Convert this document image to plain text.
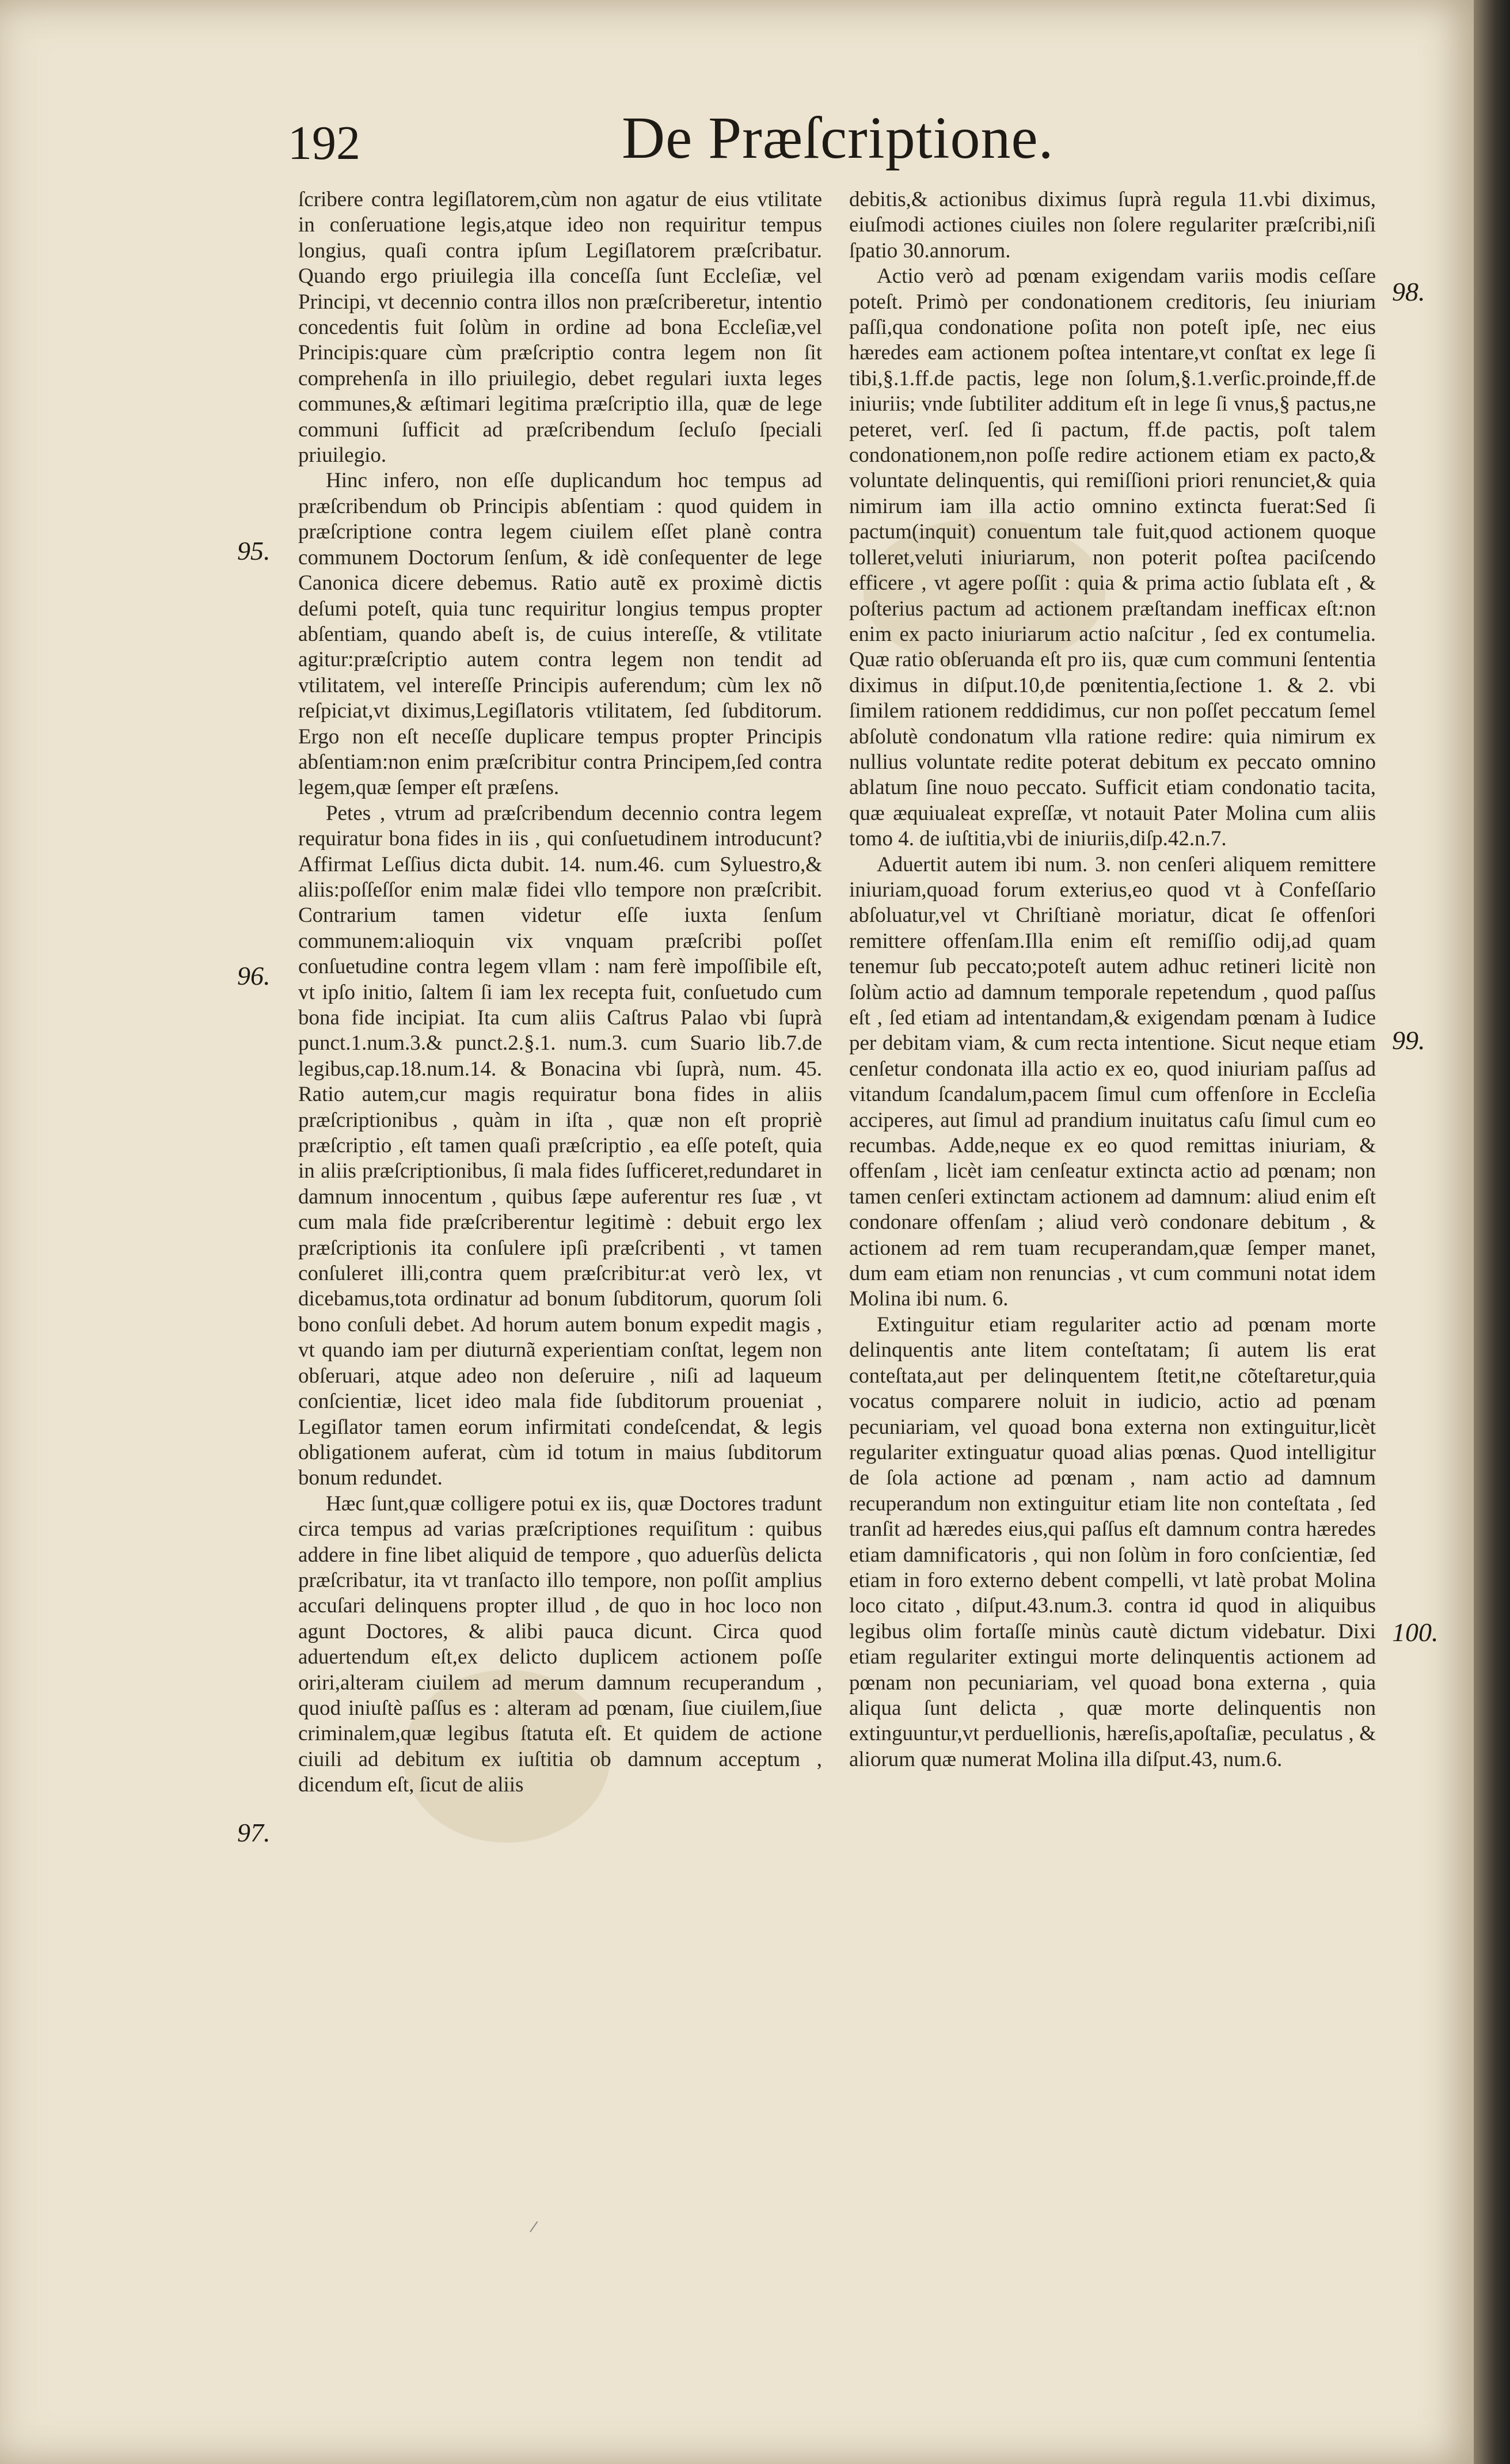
192	De Præſcriptione.
95.
96.
97.
98.
99.
100.

ſcribere contra legiſlatorem,cùm non agatur de eius vtilitate in conſeruatione legis,atque ideo non requiritur tempus longius, quaſi contra ipſum Legiſlatorem præſcribatur. Quando ergo priuilegia illa conceſſa ſunt Eccleſiæ, vel Principi, vt decennio contra illos non præſcriberetur, intentio concedentis fuit ſolùm in ordine ad bona Eccleſiæ,vel Principis:quare cùm præſcriptio contra legem non ſit comprehenſa in illo priuilegio, debet regulari iuxta leges communes,& æſtimari legitima præſcriptio illa, quæ de lege communi ſufficit ad præſcribendum ſecluſo ſpeciali priuilegio.

Hinc infero, non eſſe duplicandum hoc tempus ad præſcribendum ob Principis abſentiam : quod quidem in præſcriptione contra legem ciuilem eſſet planè contra communem Doctorum ſenſum, & idè conſequenter de lege Canonica dicere debemus. Ratio autẽ ex proximè dictis deſumi poteſt, quia tunc requiritur longius tempus propter abſentiam, quando abeſt is, de cuius intereſſe, & vtilitate agitur:præſcriptio autem contra legem non tendit ad vtilitatem, vel intereſſe Principis auferendum; cùm lex nõ reſpiciat,vt diximus,Legiſlatoris vtilitatem, ſed ſubditorum. Ergo non eſt neceſſe duplicare tempus propter Principis abſentiam:non enim præſcribitur contra Principem,ſed contra legem,quæ ſemper eſt præſens.

Petes , vtrum ad præſcribendum decennio contra legem requiratur bona fides in iis , qui conſuetudinem introducunt? Affirmat Leſſius dicta dubit. 14. num.46. cum Syluestro,& aliis:poſſeſſor enim malæ fidei vllo tempore non præſcribit. Contrarium tamen videtur eſſe iuxta ſenſum communem:alioquin vix vnquam præſcribi poſſet conſuetudine contra legem vllam : nam ferè impoſſibile eſt, vt ipſo initio, ſaltem ſi iam lex recepta fuit, conſuetudo cum bona fide incipiat. Ita cum aliis Caſtrus Palao vbi ſuprà punct.1.num.3.& punct.2.§.1. num.3. cum Suario lib.7.de legibus,cap.18.num.14. & Bonacina vbi ſuprà, num. 45. Ratio autem,cur magis requiratur bona fides in aliis præſcriptionibus , quàm in iſta , quæ non eſt propriè præſcriptio , eſt tamen quaſi præſcriptio , ea eſſe poteſt, quia in aliis præſcriptionibus, ſi mala fides ſufficeret,redundaret in damnum innocentum , quibus ſæpe auferentur res ſuæ , vt cum mala fide præſcriberentur legitimè : debuit ergo lex præſcriptionis ita conſulere ipſi præſcribenti , vt tamen conſuleret illi,contra quem præſcribitur:at verò lex, vt dicebamus,tota ordinatur ad bonum ſubditorum, quorum ſoli bono conſuli debet. Ad horum autem bonum expedit magis , vt quando iam per diuturnã experientiam conſtat, legem non obſeruari, atque adeo non deſeruire , niſi ad laqueum conſcientiæ, licet ideo mala fide ſubditorum proueniat , Legiſlator tamen eorum infirmitati condeſcendat, & legis obligationem auferat, cùm id totum in maius ſubditorum bonum redundet.

Hæc ſunt,quæ colligere potui ex iis, quæ Doctores tradunt circa tempus ad varias præſcriptiones requiſitum : quibus addere in fine libet aliquid de tempore , quo aduerſùs delicta præſcribatur, ita vt tranſacto illo tempore, non poſſit amplius accuſari delinquens propter illud , de quo in hoc loco non agunt Doctores, & alibi pauca dicunt. Circa quod aduertendum eſt,ex delicto duplicem actionem poſſe oriri,alteram ciuilem ad merum damnum recuperandum , quod iniuſtè paſſus es : alteram ad pœnam, ſiue ciuilem,ſiue criminalem,quæ legibus ſtatuta eſt. Et quidem de actione ciuili ad debitum ex iuſtitia ob damnum acceptum , dicendum eſt, ſicut de aliis

debitis,& actionibus diximus ſuprà regula 11.vbi diximus, eiuſmodi actiones ciuiles non ſolere regulariter præſcribi,niſi ſpatio 30.annorum.

Actio verò ad pœnam exigendam variis modis ceſſare poteſt. Primò per condonationem creditoris, ſeu iniuriam paſſi,qua condonatione poſita non poteſt ipſe, nec eius hæredes eam actionem poſtea intentare,vt conſtat ex lege ſi tibi,§.1.ff.de pactis, lege non ſolum,§.1.verſic.proinde,ff.de iniuriis; vnde ſubtiliter additum eſt in lege ſi vnus,§ pactus,ne peteret, verſ. ſed ſi pactum, ff.de pactis, poſt talem condonationem,non poſſe redire actionem etiam ex pacto,& voluntate delinquentis, qui remiſſioni priori renunciet,& quia nimirum iam illa actio omnino extincta fuerat:Sed ſi pactum(inquit) conuentum tale fuit,quod actionem quoque tolleret,veluti iniuriarum, non poterit poſtea paciſcendo efficere , vt agere poſſit : quia & prima actio ſublata eſt , & poſterius pactum ad actionem præſtandam inefficax eſt:non enim ex pacto iniuriarum actio naſcitur , ſed ex contumelia. Quæ ratio obſeruanda eſt pro iis, quæ cum communi ſententia diximus in diſput.10,de pœnitentia,ſectione 1. & 2. vbi ſimilem rationem reddidimus, cur non poſſet peccatum ſemel abſolutè condonatum vlla ratione redire: quia nimirum ex nullius voluntate redite poterat debitum ex peccato omnino ablatum ſine nouo peccato. Sufficit etiam condonatio tacita, quæ æquiualeat expreſſæ, vt notauit Pater Molina cum aliis tomo 4. de iuſtitia,vbi de iniuriis,diſp.42.n.7.

Aduertit autem ibi num. 3. non cenſeri aliquem remittere iniuriam,quoad forum exterius,eo quod vt à Confeſſario abſoluatur,vel vt Chriſtianè moriatur, dicat ſe offenſori remittere offenſam.Illa enim eſt remiſſio odij,ad quam tenemur ſub peccato;poteſt autem adhuc retineri licitè non ſolùm actio ad damnum temporale repetendum , quod paſſus eſt , ſed etiam ad intentandam,& exigendam pœnam à Iudice per debitam viam, & cum recta intentione. Sicut neque etiam cenſetur condonata illa actio ex eo, quod iniuriam paſſus ad vitandum ſcandalum,pacem ſimul cum offenſore in Eccleſia acciperes, aut ſimul ad prandium inuitatus caſu ſimul cum eo recumbas. Adde,neque ex eo quod remittas iniuriam, & offenſam , licèt iam cenſeatur extincta actio ad pœnam; non tamen cenſeri extinctam actionem ad damnum: aliud enim eſt condonare offenſam ; aliud verò condonare debitum , & actionem ad rem tuam recuperandam,quæ ſemper manet, dum eam etiam non renuncias , vt cum communi notat idem Molina ibi num. 6.

Extinguitur etiam regulariter actio ad pœnam morte delinquentis ante litem conteſtatam; ſi autem lis erat conteſtata,aut per delinquentem ſtetit,ne cõteſtaretur,quia vocatus comparere noluit in iudicio, actio ad pœnam pecuniariam, vel quoad bona externa non extinguitur,licèt regulariter extinguatur quoad alias pœnas. Quod intelligitur de ſola actione ad pœnam , nam actio ad damnum recuperandum non extinguitur etiam lite non conteſtata , ſed tranſit ad hæredes eius,qui paſſus eſt damnum contra hæredes etiam damnificatoris , qui non ſolùm in foro conſcientiæ, ſed etiam in foro externo debent compelli, vt latè probat Molina loco citato , diſput.43.num.3. contra id quod in aliquibus legibus olim fortaſſe minùs cautè dictum videbatur. Dixi etiam regulariter extingui morte delinquentis actionem ad pœnam non pecuniariam, vel quoad bona externa , quia aliqua ſunt delicta , quæ morte delinquentis non extinguuntur,vt perduellionis, hæreſis,apoſtaſiæ, peculatus , & aliorum quæ numerat Molina illa diſput.43, num.6.
